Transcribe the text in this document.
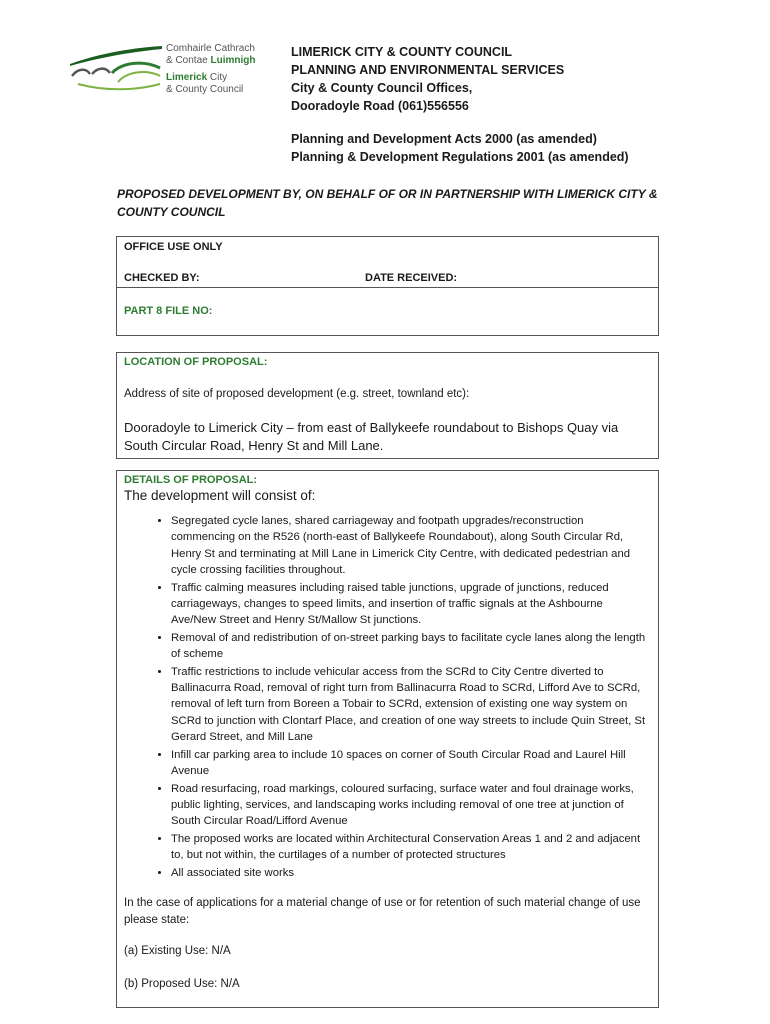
Comhairle Cathrach
& Contae Luimnigh
Limerick City
& County Council
LIMERICK CITY & COUNTY COUNCIL
PLANNING AND ENVIRONMENTAL SERVICES
City & County Council Offices,
Dooradoyle Road (061)556556
Planning and Development Acts 2000 (as amended)
Planning & Development Regulations 2001 (as amended)
PROPOSED DEVELOPMENT BY, ON BEHALF OF OR IN PARTNERSHIP WITH LIMERICK CITY & COUNTY COUNCIL
OFFICE USE ONLY
CHECKED BY:	DATE RECEIVED:
PART 8 FILE NO:
LOCATION OF PROPOSAL:
Address of site of proposed development (e.g. street, townland etc):
Dooradoyle to Limerick City – from east of Ballykeefe roundabout to Bishops Quay via South Circular Road, Henry St and Mill Lane.
DETAILS OF PROPOSAL:
The development will consist of:
• Segregated cycle lanes, shared carriageway and footpath upgrades/reconstruction commencing on the R526 (north-east of Ballykeefe Roundabout), along South Circular Rd, Henry St and terminating at Mill Lane in Limerick City Centre, with dedicated pedestrian and cycle crossing facilities throughout.
• Traffic calming measures including raised table junctions, upgrade of junctions, reduced carriageways, changes to speed limits, and insertion of traffic signals at the Ashbourne Ave/New Street and Henry St/Mallow St junctions.
• Removal of and redistribution of on-street parking bays to facilitate cycle lanes along the length of scheme
• Traffic restrictions to include vehicular access from the SCRd to City Centre diverted to Ballinacurra Road, removal of right turn from Ballinacurra Road to SCRd, Lifford Ave to SCRd, removal of left turn from Boreen a Tobair to SCRd, extension of existing one way system on SCRd to junction with Clontarf Place, and creation of one way streets to include Quin Street, St Gerard Street, and Mill Lane
• Infill car parking area to include 10 spaces on corner of South Circular Road and Laurel Hill Avenue
• Road resurfacing, road markings, coloured surfacing, surface water and foul drainage works, public lighting, services, and landscaping works including removal of one tree at junction of South Circular Road/Lifford Avenue
• The proposed works are located within Architectural Conservation Areas 1 and 2 and adjacent to, but not within, the curtilages of a number of protected structures
• All associated site works
In the case of applications for a material change of use or for retention of such material change of use please state:
(a) Existing Use: N/A
(b) Proposed Use: N/A
